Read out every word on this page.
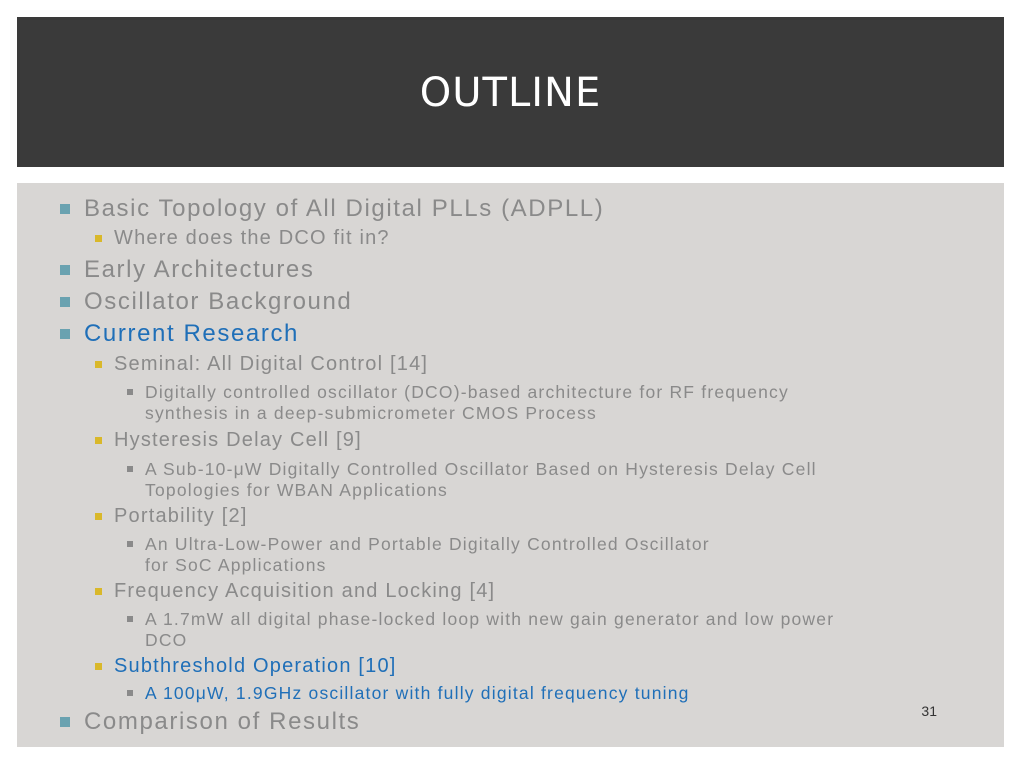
OUTLINE
Basic Topology of All Digital PLLs (ADPLL)
Where does the DCO fit in?
Early Architectures
Oscillator Background
Current Research
Seminal: All Digital Control [14]
Digitally controlled oscillator (DCO)-based architecture for RF frequency
synthesis in a deep-submicrometer CMOS Process
Hysteresis Delay Cell [9]
A Sub-10-μW Digitally Controlled Oscillator Based on Hysteresis Delay Cell
Topologies for WBAN Applications
Portability [2]
An Ultra-Low-Power and Portable Digitally Controlled Oscillator
for SoC Applications
Frequency Acquisition and Locking [4]
A 1.7mW all digital phase-locked loop with new gain generator and low power
DCO
Subthreshold Operation [10]
A 100μW, 1.9GHz oscillator with fully digital frequency tuning
Comparison of Results	31
